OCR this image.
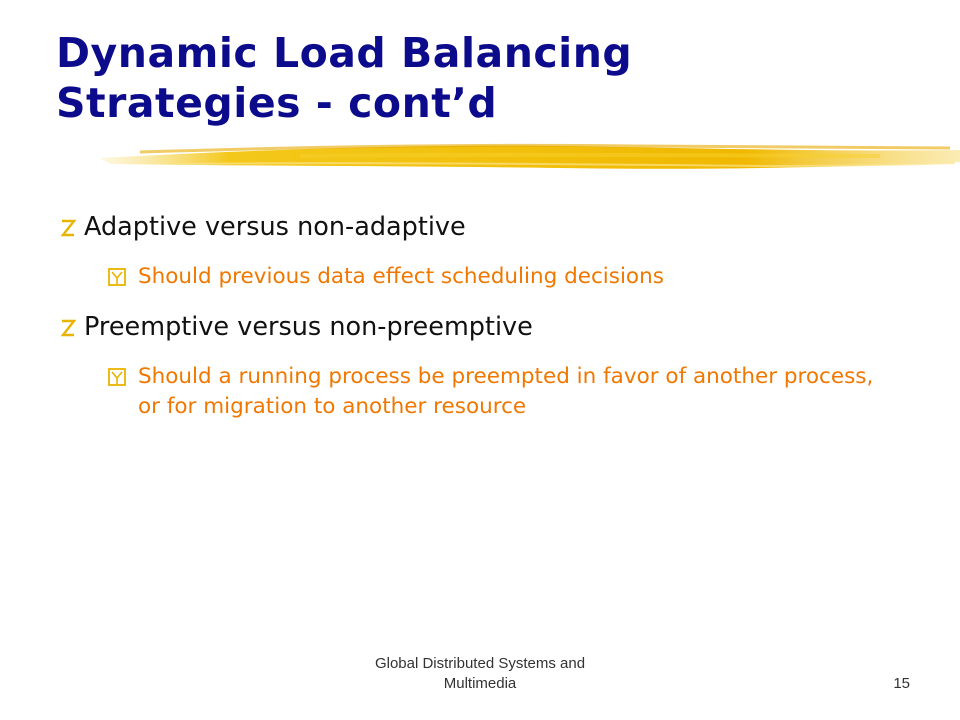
Dynamic Load Balancing
Strategies - cont’d
Adaptive versus non-adaptive
Should previous data effect scheduling decisions
Preemptive versus non-preemptive
Should a running process be preempted in favor of another process, or for migration to another resource
Global Distributed Systems and
Multimedia	15
